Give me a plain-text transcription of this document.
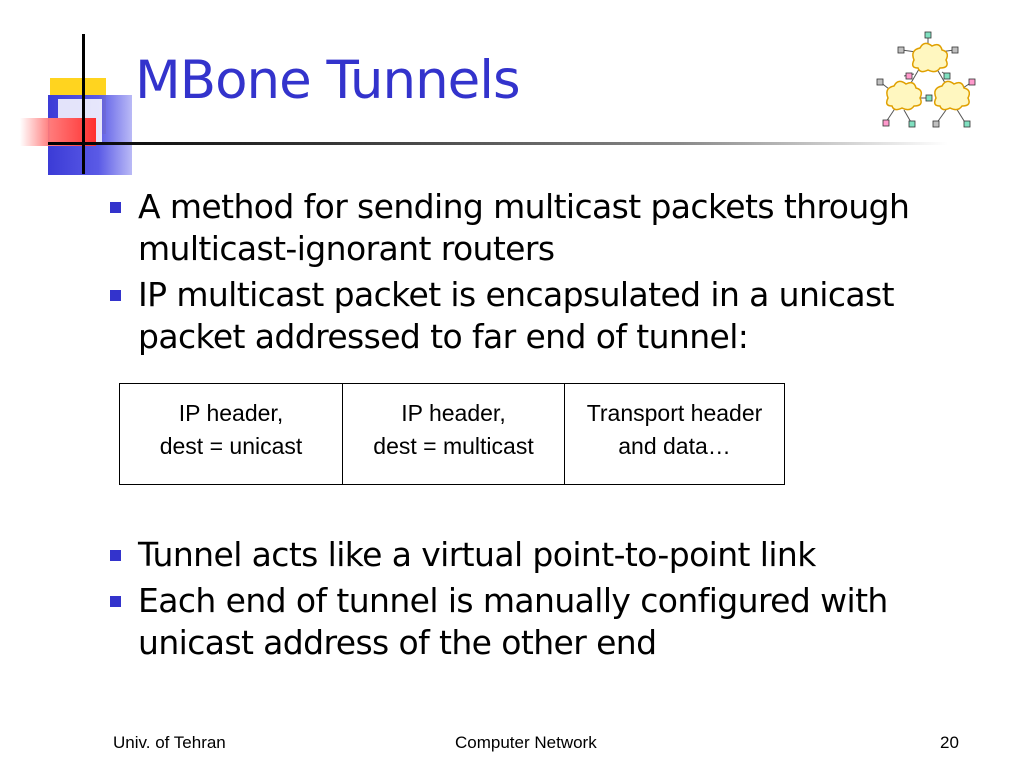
MBone Tunnels
A method for sending multicast packets through multicast-ignorant routers
IP multicast packet is encapsulated in a unicast packet addressed to far end of tunnel:
IP header,
dest = unicast
IP header,
dest = multicast
Transport header
and data…
Tunnel acts like a virtual point-to-point link
Each end of tunnel is manually configured with unicast address of the other end
Univ. of Tehran	Computer Network	20
